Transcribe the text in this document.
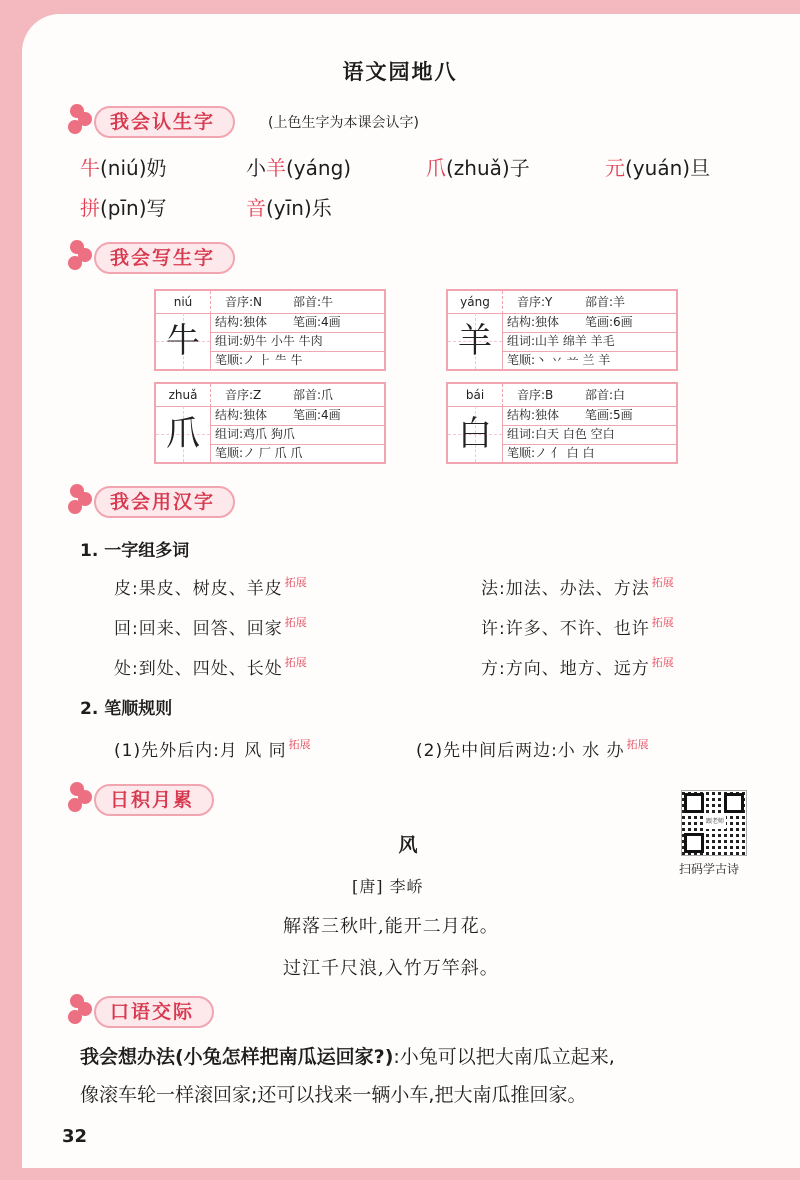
语文园地八
我会认生字	(上色生字为本课会认字)
牛(niú)奶	小羊(yáng)	爪(zhuǎ)子	元(yuán)旦
拼(pīn)写	音(yīn)乐
我会写生字
niú
牛
音序:N	部首:牛
结构:独体 笔画:4画
组词:奶牛 小牛 牛肉
笔顺:ノ ⺊ ⺧ 牛
yáng
羊
音序:Y	部首:羊
结构:独体 笔画:6画
组词:山羊 绵羊 羊毛
笔顺:丶 丷 䒑 兰 羊
zhuǎ
爪
音序:Z	部首:爪
结构:独体 笔画:4画
组词:鸡爪 狗爪
笔顺:ノ 厂 爪 爪
bái
白
音序:B	部首:白
结构:独体 笔画:5画
组词:白天 白色 空白
笔顺:ノ 亻 白 白
我会用汉字
1. 一字组多词
皮:果皮、树皮、羊皮 $^{拓展}$
回:回来、回答、回家 $^{拓展}$
处:到处、四处、长处 $^{拓展}$
法:加法、办法、方法 $^{拓展}$
许:许多、不许、也许 $^{拓展}$
方:方向、地方、远方 $^{拓展}$
2. 笔顺规则
(1)先外后内:月 风 同 $^{拓展}$	(2)先中间后两边:小 水 办 $^{拓展}$
日积月累
跟老师
扫码学古诗
风
[唐] 李峤
解落三秋叶,能开二月花。
过江千尺浪,入竹万竿斜。
口语交际
我会想办法(小兔怎样把南瓜运回家?):小兔可以把大南瓜立起来,
像滚车轮一样滚回家;还可以找来一辆小车,把大南瓜推回家。
32
